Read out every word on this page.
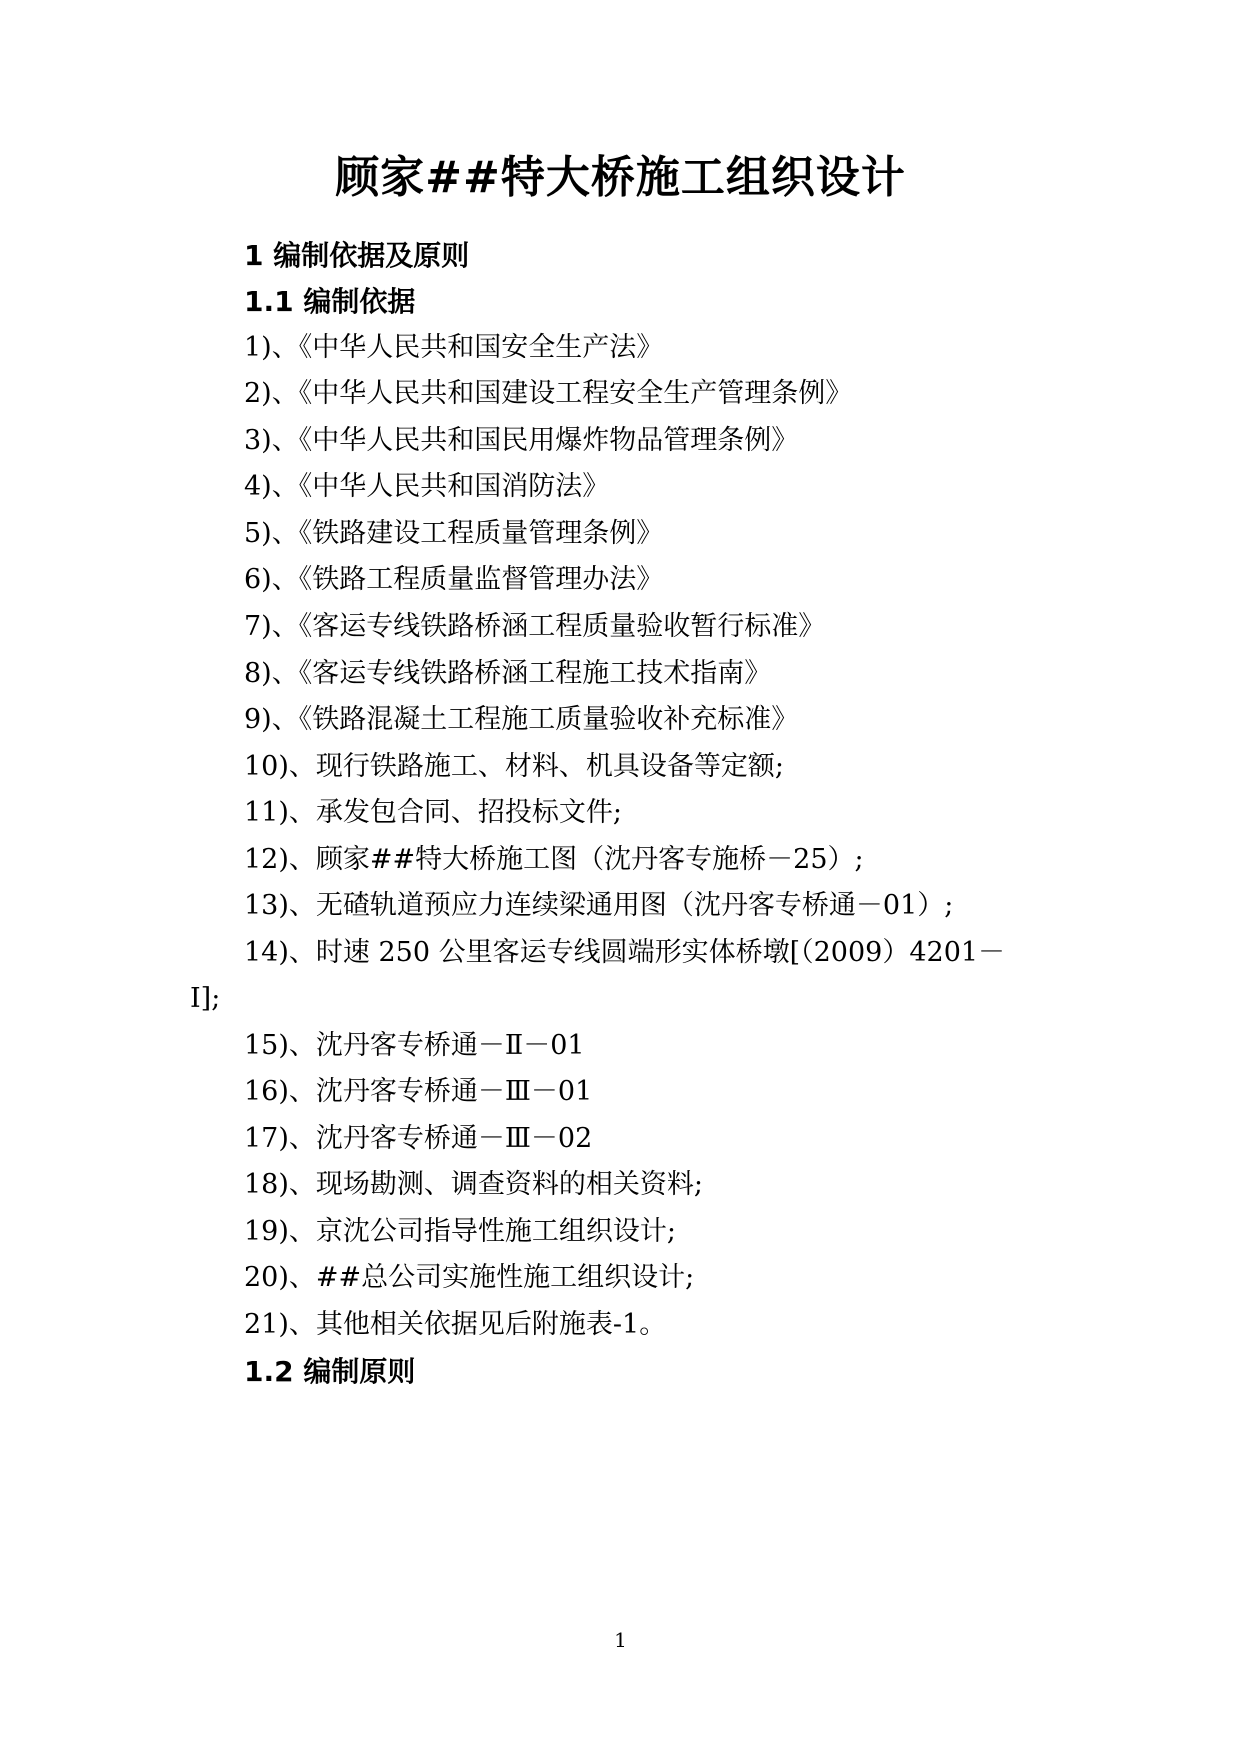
顾家##特大桥施工组织设计
1 编制依据及原则
1.1 编制依据

1)、《中华人民共和国安全生产法》

2)、《中华人民共和国建设工程安全生产管理条例》

3)、《中华人民共和国民用爆炸物品管理条例》

4)、《中华人民共和国消防法》

5)、《铁路建设工程质量管理条例》

6)、《铁路工程质量监督管理办法》

7)、《客运专线铁路桥涵工程质量验收暂行标准》

8)、《客运专线铁路桥涵工程施工技术指南》

9)、《铁路混凝土工程施工质量验收补充标准》

10)、现行铁路施工、材料、机具设备等定额;

11)、承发包合同、招投标文件;

12)、顾家##特大桥施工图（沈丹客专施桥－25）;

13)、无碴轨道预应力连续梁通用图（沈丹客专桥通－01）;

14)、时速 250 公里客运专线圆端形实体桥墩[（2009）4201－

Ⅰ];

15)、沈丹客专桥通－Ⅱ－01

16)、沈丹客专桥通－Ⅲ－01

17)、沈丹客专桥通－Ⅲ－02

18)、现场勘测、调查资料的相关资料;

19)、京沈公司指导性施工组织设计;

20)、##总公司实施性施工组织设计;

21)、其他相关依据见后附施表-1。

1.2 编制原则

1
